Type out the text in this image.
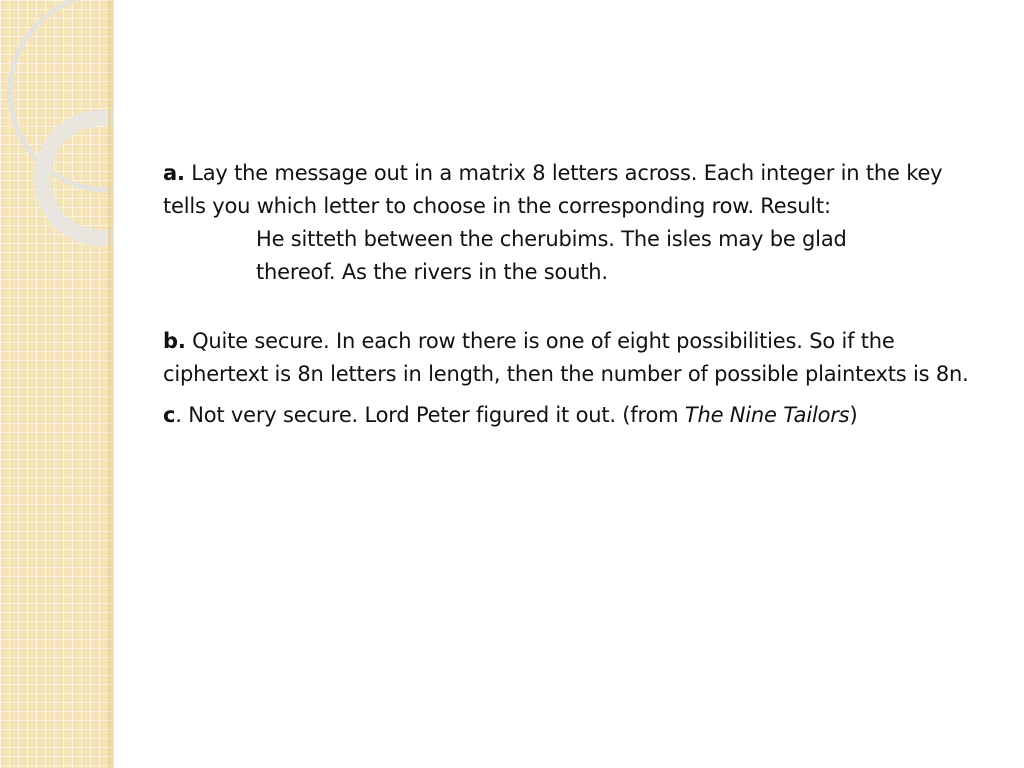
a. Lay the message out in a matrix 8 letters across. Each integer in the key tells you which letter to choose in the corresponding row. Result:

He sitteth between the cherubims. The isles may be glad
thereof. As the rivers in the south.

b. Quite secure. In each row there is one of eight possibilities. So if the ciphertext is 8n letters in length, then the number of possible plaintexts is 8n.

c. Not very secure. Lord Peter figured it out. (from The Nine Tailors)
